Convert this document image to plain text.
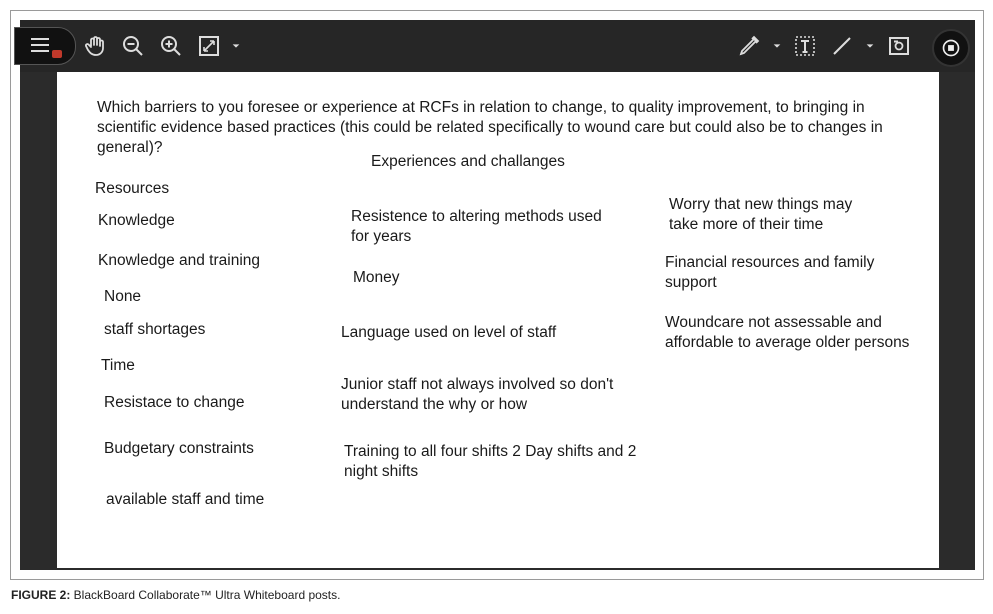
Which barriers to you foresee or experience at RCFs in relation to change, to quality improvement, to bringing in scientific evidence based practices (this could be related specifically to wound care but could also be to changes in general)?
Experiences and challanges
Resources
Knowledge
Knowledge and training
None
staff shortages
Time
Resistace to change
Budgetary constraints
available staff and time
Resistence to altering methods used
for years
Money
Language used on level of staff
Junior staff not always involved so don't
understand the why or how
Training to all four shifts 2 Day shifts and 2
night shifts
Worry that new things may
take more of their time
Financial resources and family
support
Woundcare not assessable and
affordable to average older persons
FIGURE 2: BlackBoard Collaborate™ Ultra Whiteboard posts.
